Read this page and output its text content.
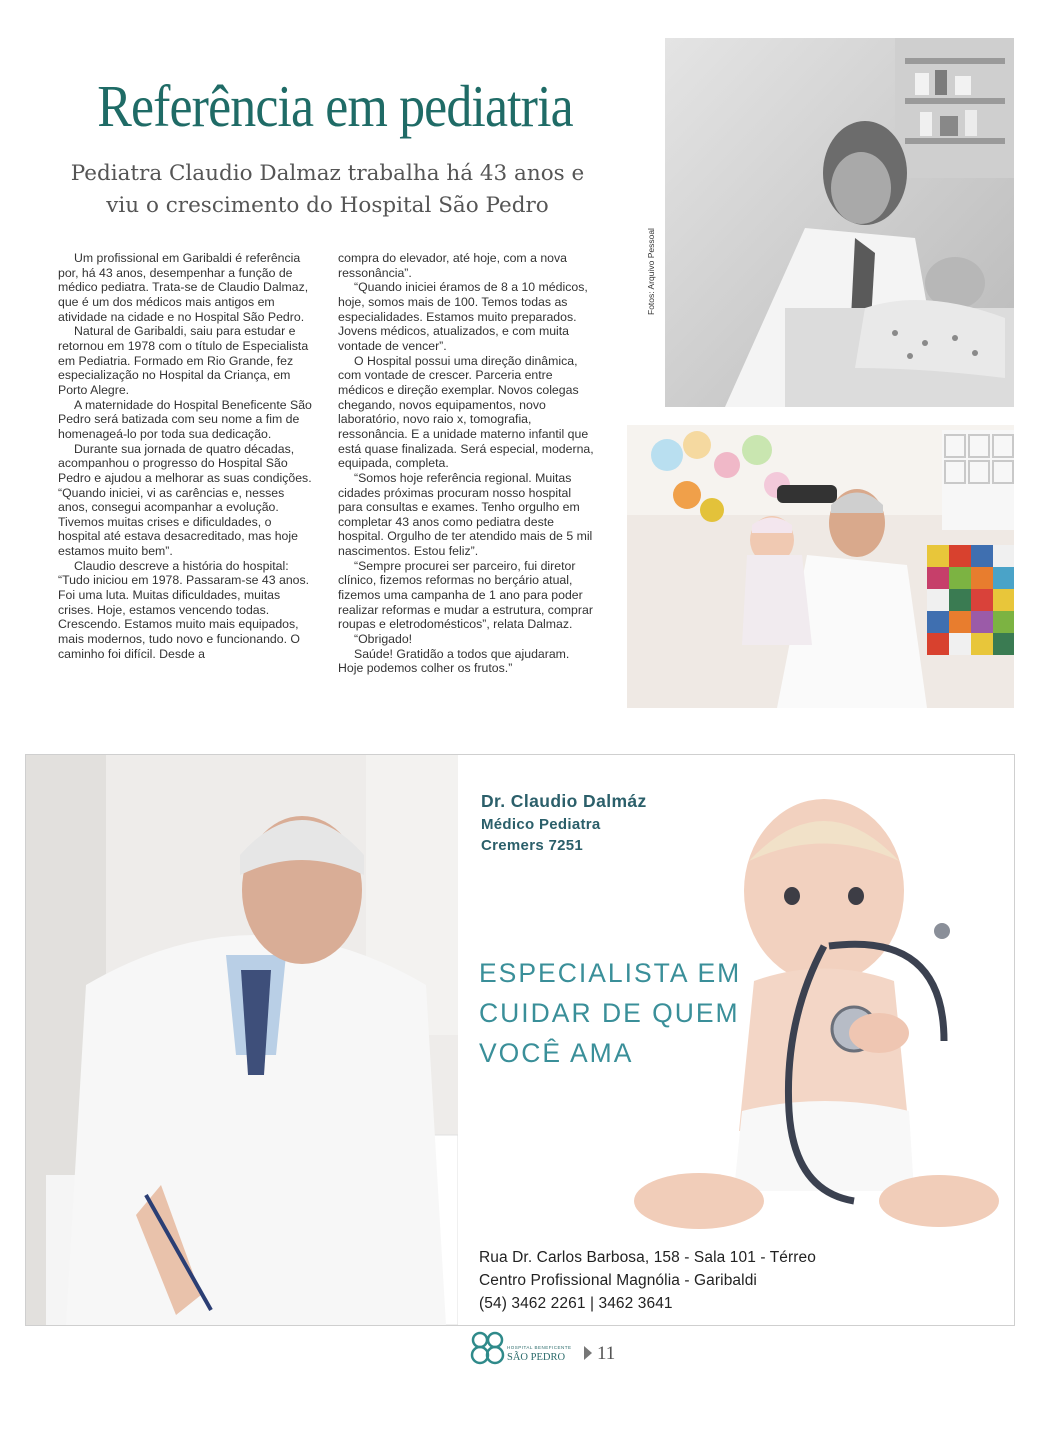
Referência em pediatria
Pediatra Claudio Dalmaz trabalha há 43 anos e
viu o crescimento do Hospital São Pedro

Um profissional em Garibaldi é referência por, há 43 anos, desempenhar a função de médico pediatra. Trata-se de Claudio Dalmaz, que é um dos médicos mais antigos em atividade na cidade e no Hospital São Pedro.

Natural de Garibaldi, saiu para estudar e retornou em 1978 com o título de Especialista em Pediatria. Formado em Rio Grande, fez especialização no Hospital da Criança, em Porto Alegre.

A maternidade do Hospital Beneficente São Pedro será batizada com seu nome a fim de homenageá-lo por toda sua dedicação.

Durante sua jornada de quatro décadas, acompanhou o progresso do Hospital São Pedro e ajudou a melhorar as suas condições. “Quando iniciei, vi as carências e, nesses anos, consegui acompanhar a evolução. Tivemos muitas crises e dificuldades, o hospital até estava desacreditado, mas hoje estamos muito bem”.

Claudio descreve a história do hospital: “Tudo iniciou em 1978. Passaram-se 43 anos. Foi uma luta. Muitas dificuldades, muitas crises. Hoje, estamos vencendo todas. Crescendo. Estamos muito mais equipados, mais modernos, tudo novo e funcionando. O caminho foi difícil. Desde a

compra do elevador, até hoje, com a nova ressonância”.

“Quando iniciei éramos de 8 a 10 médicos, hoje, somos mais de 100. Temos todas as especialidades. Estamos muito preparados. Jovens médicos, atualizados, e com muita vontade de vencer”.

O Hospital possui uma direção dinâmica, com vontade de crescer. Parceria entre médicos e direção exemplar. Novos colegas chegando, novos equipamentos, novo laboratório, novo raio x, tomografia, ressonância. E a unidade materno infantil que está quase finalizada. Será especial, moderna, equipada, completa.

“Somos hoje referência regional. Muitas cidades próximas procuram nosso hospital para consultas e exames. Tenho orgulho em completar 43 anos como pediatra deste hospital. Orgulho de ter atendido mais de 5 mil nascimentos. Estou feliz”.

“Sempre procurei ser parceiro, fui diretor clínico, fizemos reformas no berçário atual, fizemos uma campanha de 1 ano para poder realizar reformas e mudar a estrutura, comprar roupas e eletrodomésticos”, relata Dalmaz.

“Obrigado!

Saúde! Gratidão a todos que ajudaram. Hoje podemos colher os frutos.”

Fotos: Arquivo Pessoal
Dr. Claudio Dalmáz
Médico Pediatra
Cremers 7251
ESPECIALISTA EM
CUIDAR DE QUEM
VOCÊ AMA
Rua Dr. Carlos Barbosa, 158 - Sala 101 - Térreo
Centro Profissional Magnólia - Garibaldi
(54) 3462 2261 | 3462 3641
HOSPITAL BENEFICENTE
SÃO PEDRO 11
